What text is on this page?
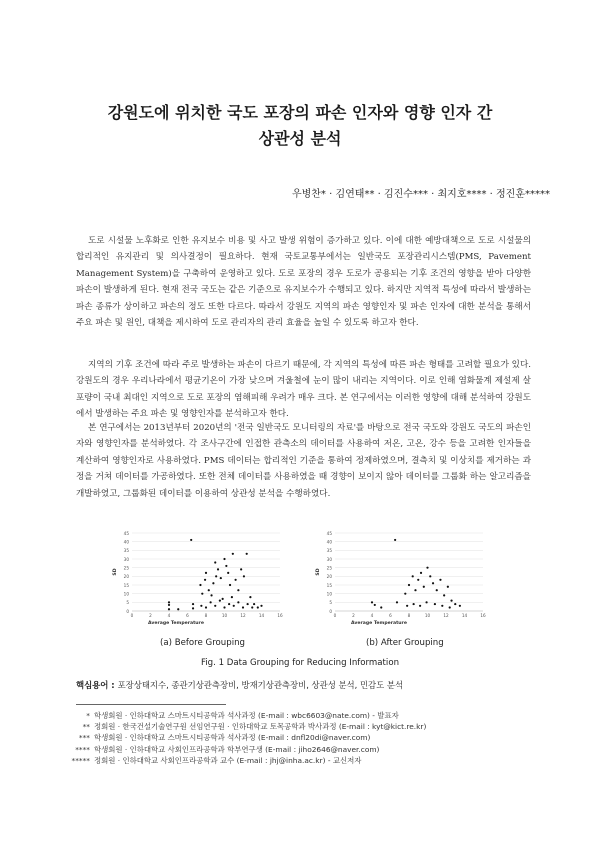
강원도에 위치한 국도 포장의 파손 인자와 영향 인자 간
상관성 분석
우병찬* · 김연태** · 김진수*** · 최지호**** · 정진훈*****

도로 시설물 노후화로 인한 유지보수 비용 및 사고 발생 위험이 증가하고 있다. 이에 대한 예방대책으로 도로 시설물의 합리적인 유지관리 및 의사결정이 필요하다. 현재 국토교통부에서는 일반국도 포장관리시스템(PMS, Pavement Management System)을 구축하여 운영하고 있다. 도로 포장의 경우 도로가 공용되는 기후 조건의 영향을 받아 다양한 파손이 발생하게 된다. 현재 전국 국도는 같은 기준으로 유지보수가 수행되고 있다. 하지만 지역적 특성에 따라서 발생하는 파손 종류가 상이하고 파손의 정도 또한 다르다. 따라서 강원도 지역의 파손 영향인자 및 파손 인자에 대한 분석을 통해서 주요 파손 및 원인, 대책을 제시하여 도로 관리자의 관리 효율을 높일 수 있도록 하고자 한다.

지역의 기후 조건에 따라 주로 발생하는 파손이 다르기 때문에, 각 지역의 특성에 따른 파손 형태를 고려할 필요가 있다. 강원도의 경우 우리나라에서 평균기온이 가장 낮으며 겨울철에 눈이 많이 내리는 지역이다. 이로 인해 염화물계 제설제 살포량이 국내 최대인 지역으로 도로 포장의 염해피해 우려가 매우 크다. 본 연구에서는 이러한 영향에 대해 분석하여 강원도에서 발생하는 주요 파손 및 영향인자를 분석하고자 한다.

본 연구에서는 2013년부터 2020년의 '전국 일반국도 모니터링의 자료'를 바탕으로 전국 국도와 강원도 국도의 파손인자와 영향인자를 분석하였다. 각 조사구간에 인접한 관측소의 데이터를 사용하여 저온, 고온, 강수 등을 고려한 인자들을 계산하여 영향인자로 사용하였다. PMS 데이터는 합리적인 기준을 통하여 정제하였으며, 결측치 및 이상치를 제거하는 과정을 거쳐 데이터를 가공하였다. 또한 전체 데이터를 사용하였을 때 경향이 보이지 않아 데이터를 그룹화 하는 알고리즘을 개발하였고, 그룹화된 데이터를 이용하여 상관성 분석을 수행하였다.

0
5
10
15
20
25
30
35
40
45
0	2	4	6	8	10	12	14	16
Average Temperature
SD
0
5
10
15
20
25
30
35
40
45
0	2	4	6	8	10	12	14	16
Average Temperature
SD
(a) Before Grouping	(b) After Grouping
Fig. 1 Data Grouping for Reducing Information
핵심용어 : 포장상태지수, 종관기상관측장비, 방재기상관측장비, 상관성 분석, 민감도 분석
* 학생회원 · 인하대학교 스마트시티공학과 석사과정 (E-mail : wbc6603@nate.com) - 발표자
** 정회원 · 한국건설기술연구원 선임연구원 · 인하대학교 토목공학과 박사과정 (E-mail : kyt@kict.re.kr)
*** 학생회원 · 인하대학교 스마트시티공학과 석사과정 (E-mail : dnfl20di@naver.com)
**** 학생회원 · 인하대학교 사회인프라공학과 학부연구생 (E-mail : jiho2646@naver.com)
***** 정회원 · 인하대학교 사회인프라공학과 교수 (E-mail : jhj@inha.ac.kr) - 교신저자
